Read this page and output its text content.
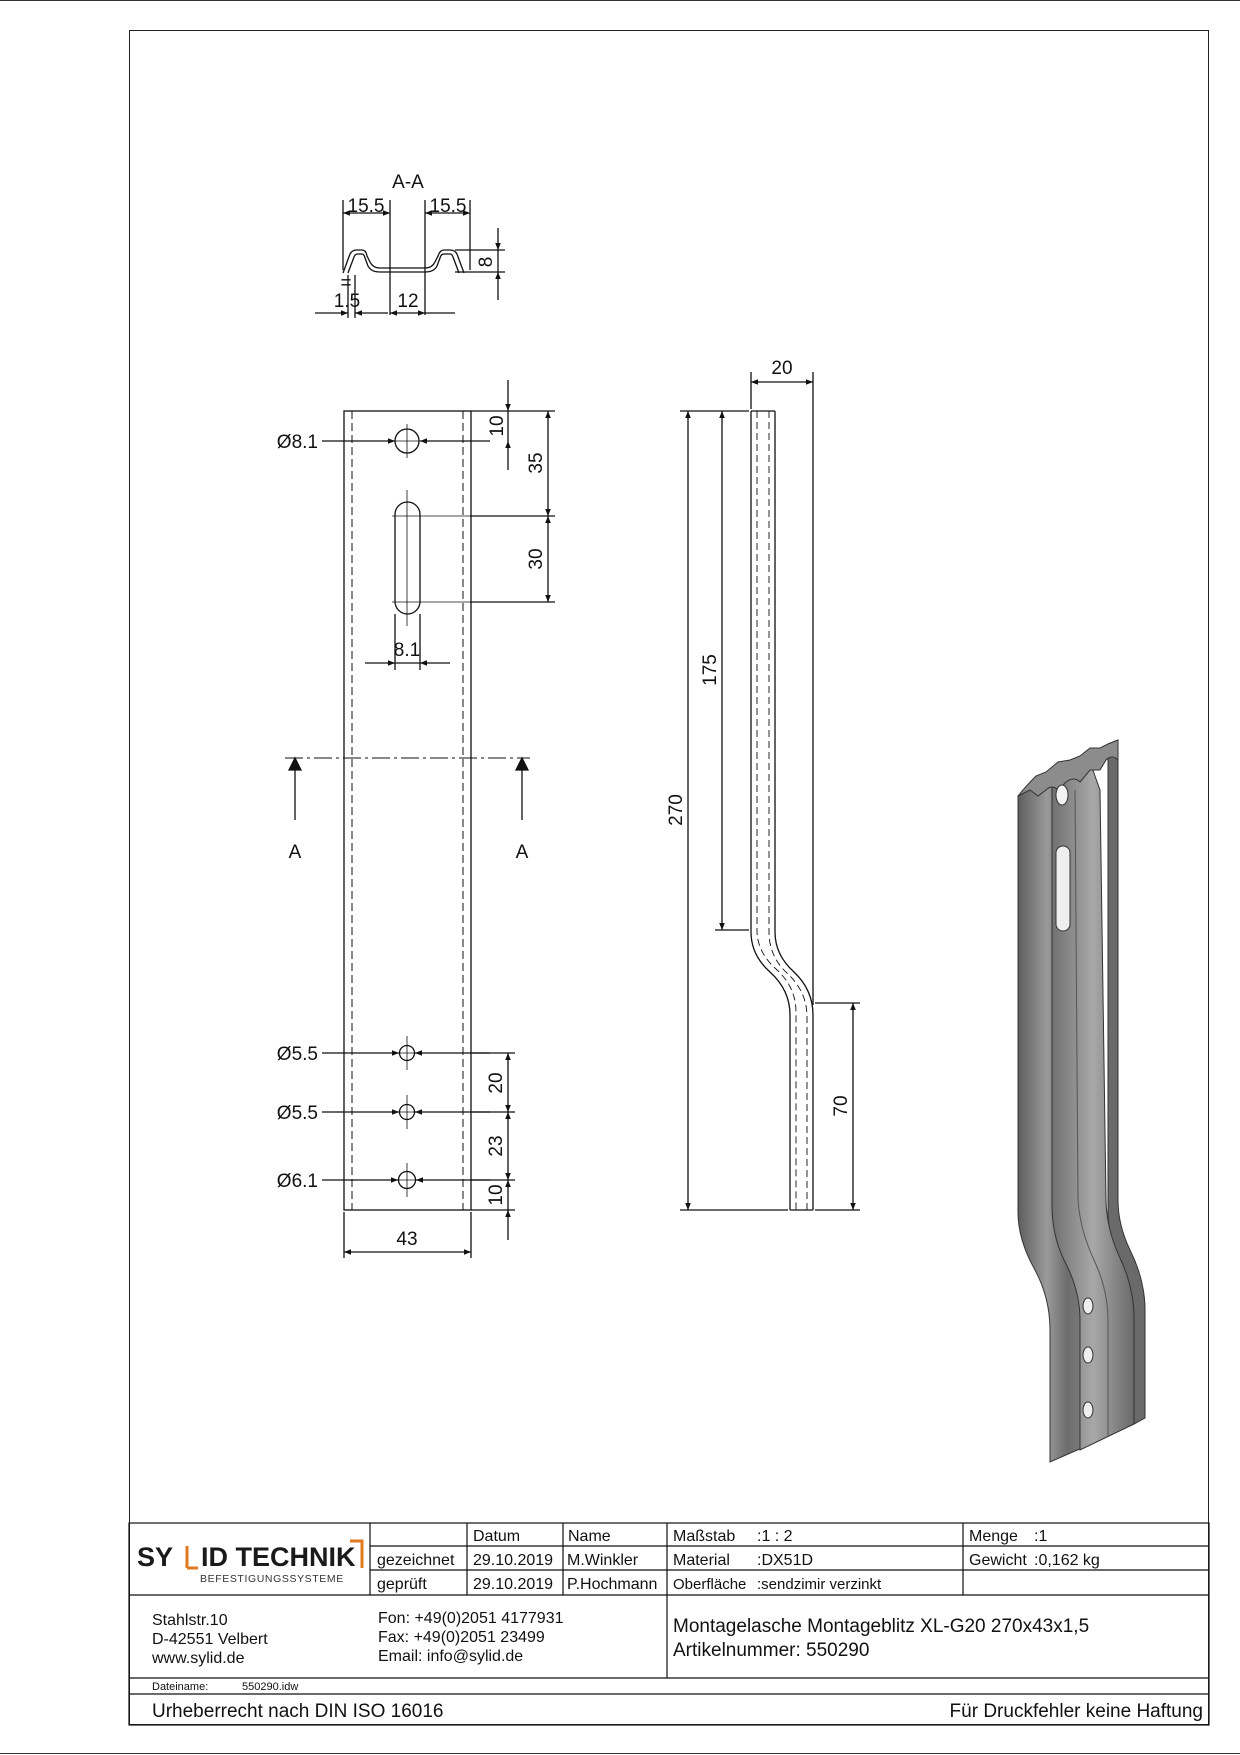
A-A
15.5 15.5
1.5
=
12
8
10
35
30
8.1
20
23
10
43
A	A
Ø8.1
Ø5.5
Ø5.5
Ø6.1
20
175
270
70
SY ID TECHNIK
BEFESTIGUNGSSYSTEME
Datum	Name
gezeichnet 29.10.2019 M.Winkler
geprüft	29.10.2019 P.Hochmann
Maßstab :1 : 2
Material :DX51D
Oberfläche :sendzimir verzinkt
Menge :1
Gewicht :0,162 kg
Stahlstr.10
D-42551 Velbert
www.sylid.de
Fon: +49(0)2051 4177931
Fax: +49(0)2051 23499
Email: info@sylid.de
Montagelasche Montageblitz XL-G20 270x43x1,5
Artikelnummer: 550290
Dateiname:	550290.idw
Urheberrecht nach DIN ISO 16016	Für Druckfehler keine Haftung
